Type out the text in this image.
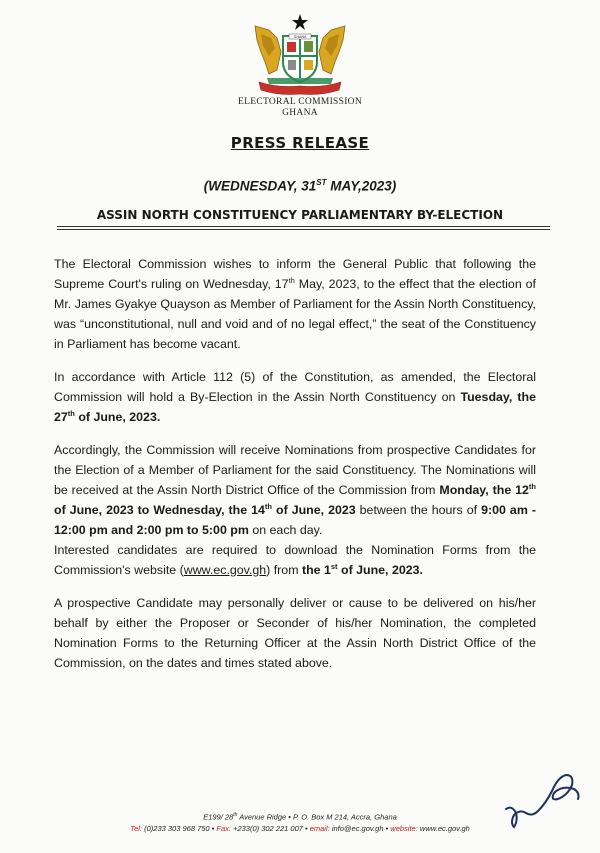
GHANA
ELECTORAL COMMISSION
GHANA
PRESS RELEASE
(WEDNESDAY, 31ST MAY,2023)
ASSIN NORTH CONSTITUENCY PARLIAMENTARY BY-ELECTION

The Electoral Commission wishes to inform the General Public that following the Supreme Court's ruling on Wednesday, 17th May, 2023, to the effect that the election of Mr. James Gyakye Quayson as Member of Parliament for the Assin North Constituency, was “unconstitutional, null and void and of no legal effect,” the seat of the Constituency in Parliament has become vacant.

In accordance with Article 112 (5) of the Constitution, as amended, the Electoral Commission will hold a By-Election in the Assin North Constituency on Tuesday, the 27th of June, 2023.

Accordingly, the Commission will receive Nominations from prospective Candidates for the Election of a Member of Parliament for the said Constituency. The Nominations will be received at the Assin North District Office of the Commission from Monday, the 12th of June, 2023 to Wednesday, the 14th of June, 2023 between the hours of 9:00 am - 12:00 pm and 2:00 pm to 5:00 pm on each day.

Interested candidates are required to download the Nomination Forms from the Commission's website (www.ec.gov.gh) from the 1st of June, 2023.

A prospective Candidate may personally deliver or cause to be delivered on his/her behalf by either the Proposer or Seconder of his/her Nomination, the completed Nomination Forms to the Returning Officer at the Assin North District Office of the Commission, on the dates and times stated above.

E199/ 28th Avenue Ridge • P. O. Box M 214, Accra, Ghana
Tel: (0)233 303 968 750 • Fax: +233(0) 302 221 007 • email: info@ec.gov.gh • website: www.ec.gov.gh
